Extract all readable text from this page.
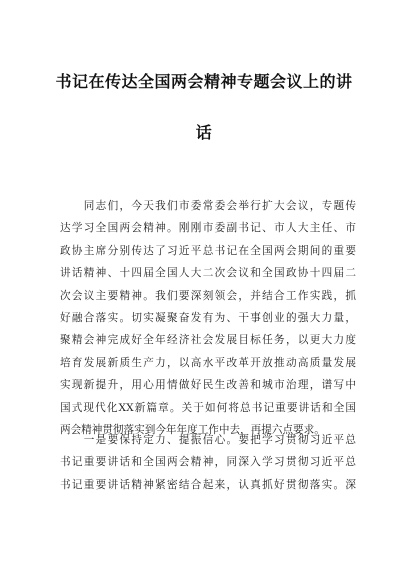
书记在传达全国两会精神专题会议上的讲
话
　　同志们，今天我们市委常委会举行扩大会议，专题传
达学习全国两会精神。刚刚市委副书记、市人大主任、市
政协主席分别传达了习近平总书记在全国两会期间的重要
讲话精神、十四届全国人大二次会议和全国政协十四届二
次会议主要精神。我们要深刻领会，并结合工作实践，抓
好融合落实。切实凝聚奋发有为、干事创业的强大力量，
聚精会神完成好全年经济社会发展目标任务，以更大力度
培育发展新质生产力，以高水平改革开放推动高质量发展
实现新提升，用心用情做好民生改善和城市治理，谱写中
国式现代化XX新篇章。关于如何将总书记重要讲话和全国
两会精神贯彻落实到今年年度工作中去，再提六点要求。
　　一是要保持定力、提振信心。要把学习贯彻习近平总
书记重要讲话和全国两会精神，同深入学习贯彻习近平总
书记重要讲话精神紧密结合起来，认真抓好贯彻落实。深
